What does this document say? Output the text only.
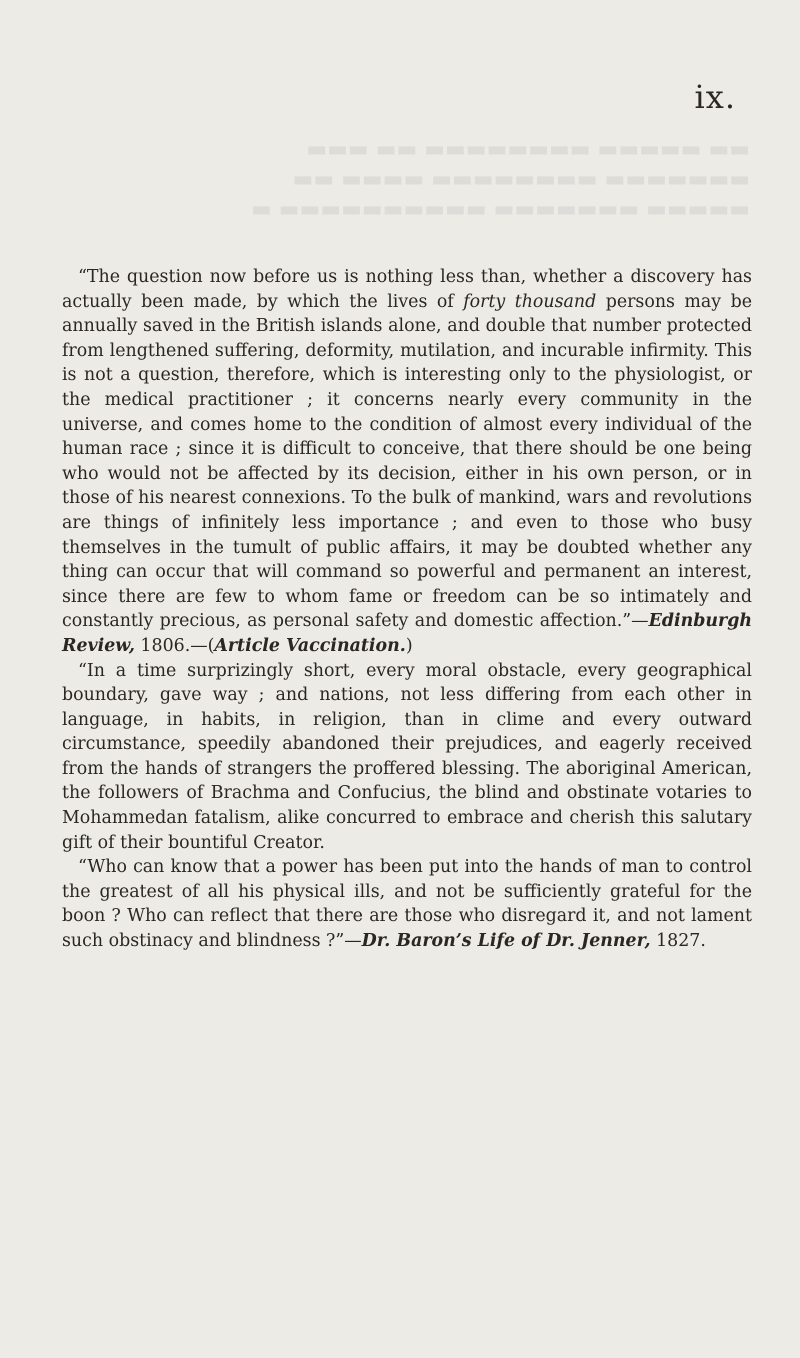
ix.
▬▬ ▬▬▬▬▬ ▬▬▬▬▬▬▬▬ ▬▬ ▬▬▬
▬▬▬▬▬▬▬ ▬▬▬▬▬▬▬▬ ▬▬▬▬ ▬▬
▬▬▬▬▬ ▬▬▬▬▬▬▬ ▬▬▬▬▬▬▬▬▬▬ ▬

“The question now before us is nothing less than, whether a discovery has actually been made, by which the lives of forty thousand persons may be annually saved in the British islands alone, and double that number protected from lengthened suffering, deformity, mutilation, and incurable infirmity. This is not a question, therefore, which is interesting only to the physiologist, or the medical practitioner ; it concerns nearly every community in the universe, and comes home to the condition of almost every individual of the human race ; since it is difficult to conceive, that there should be one being who would not be affected by its decision, either in his own person, or in those of his nearest connexions. To the bulk of mankind, wars and revolutions are things of infinitely less importance ; and even to those who busy themselves in the tumult of public affairs, it may be doubted whether any thing can occur that will command so powerful and permanent an interest, since there are few to whom fame or freedom can be so intimately and constantly precious, as personal safety and domestic affection.”—Edinburgh Review, 1806.—(Article Vaccination.)

“In a time surprizingly short, every moral obstacle, every geographical boundary, gave way ; and nations, not less differing from each other in language, in habits, in religion, than in clime and every outward circumstance, speedily abandoned their prejudices, and eagerly received from the hands of strangers the proffered blessing. The aboriginal American, the followers of Brachma and Confucius, the blind and obstinate votaries to Mohammedan fatalism, alike concurred to embrace and cherish this salutary gift of their bountiful Creator.

“Who can know that a power has been put into the hands of man to control the greatest of all his physical ills, and not be sufficiently grateful for the boon ? Who can reflect that there are those who disregard it, and not lament such obstinacy and blindness ?”—Dr. Baron’s Life of Dr. Jenner, 1827.
